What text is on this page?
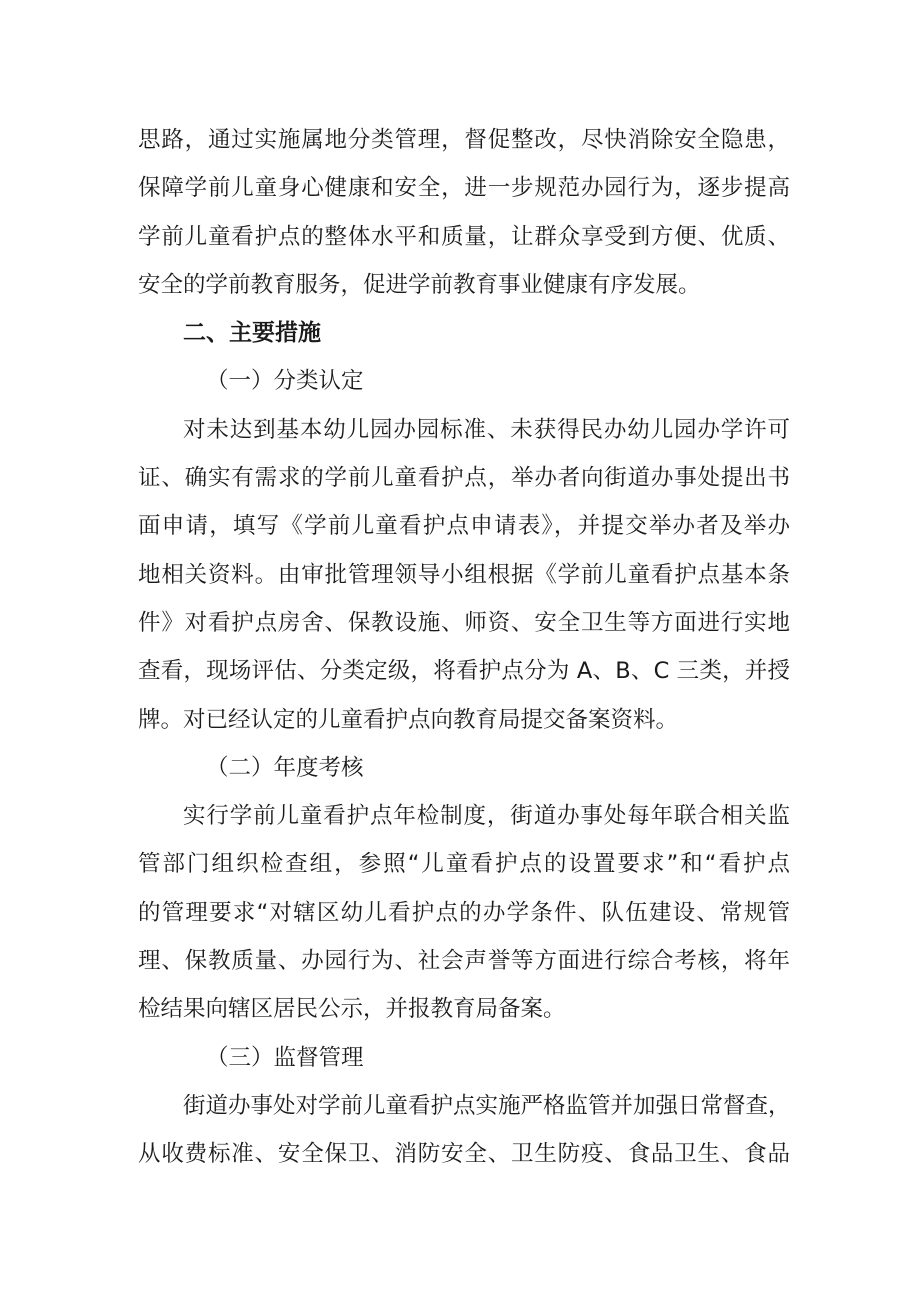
思路，通过实施属地分类管理，督促整改，尽快消除安全隐患，
保障学前儿童身心健康和安全，进一步规范办园行为，逐步提高
学前儿童看护点的整体水平和质量，让群众享受到方便、优质、
安全的学前教育服务，促进学前教育事业健康有序发展。
二、主要措施
（一）分类认定
对未达到基本幼儿园办园标准、未获得民办幼儿园办学许可
证、确实有需求的学前儿童看护点，举办者向街道办事处提出书
面申请，填写《学前儿童看护点申请表》，并提交举办者及举办
地相关资料。由审批管理领导小组根据《学前儿童看护点基本条
件》对看护点房舍、保教设施、师资、安全卫生等方面进行实地
查看，现场评估、分类定级，将看护点分为 A、B、C 三类，并授
牌。对已经认定的儿童看护点向教育局提交备案资料。
（二）年度考核
实行学前儿童看护点年检制度，街道办事处每年联合相关监
管部门组织检查组，参照“儿童看护点的设置要求”和“看护点
的管理要求“对辖区幼儿看护点的办学条件、队伍建设、常规管
理、保教质量、办园行为、社会声誉等方面进行综合考核，将年
检结果向辖区居民公示，并报教育局备案。
（三）监督管理
街道办事处对学前儿童看护点实施严格监管并加强日常督查，
从收费标准、安全保卫、消防安全、卫生防疫、食品卫生、食品
